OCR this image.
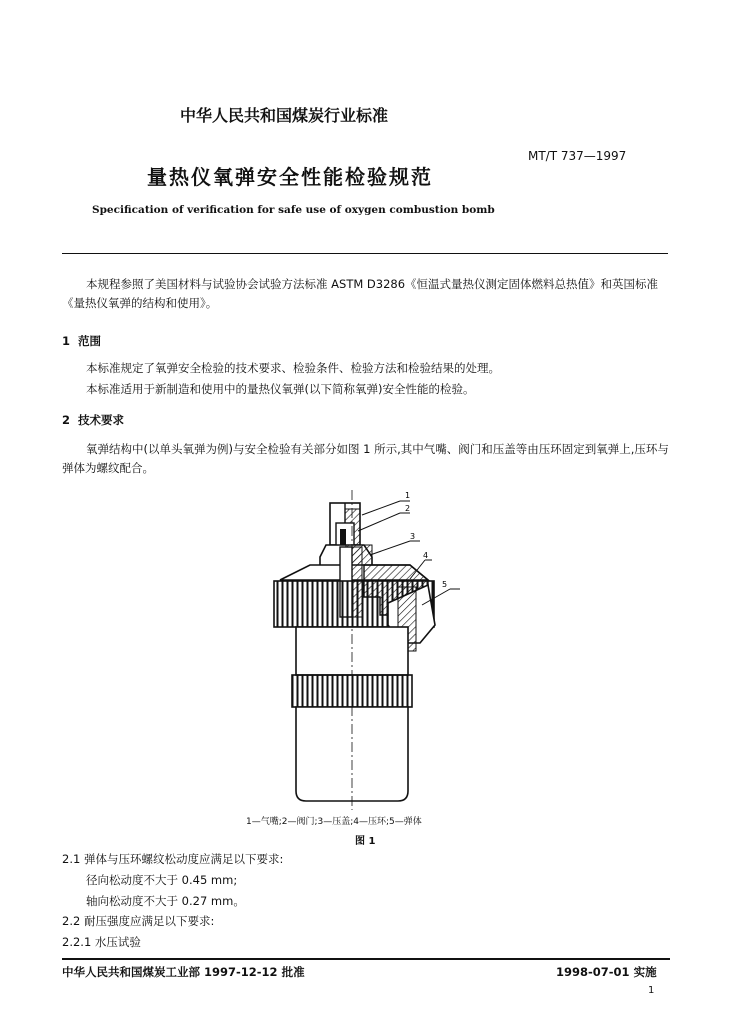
中华人民共和国煤炭行业标准
MT/T 737—1997
量热仪氧弹安全性能检验规范
Specification of verification for safe use of oxygen combustion bomb
本规程参照了美国材料与试验协会试验方法标准 ASTM D3286《恒温式量热仪测定固体燃料总热值》和英国标准《量热仪氧弹的结构和使用》。
1 范围
本标准规定了氧弹安全检验的技术要求、检验条件、检验方法和检验结果的处理。
本标准适用于新制造和使用中的量热仪氧弹(以下简称氧弹)安全性能的检验。
2 技术要求
氧弹结构中(以单头氧弹为例)与安全检验有关部分如图 1 所示,其中气嘴、阀门和压盖等由压环固定到氧弹上,压环与弹体为螺纹配合。
1
2
3
4
5
1—气嘴;2—阀门;3—压盖;4—压环;5—弹体
图 1
2.1 弹体与压环螺纹松动度应满足以下要求:
径向松动度不大于 0.45 mm;
轴向松动度不大于 0.27 mm。
2.2 耐压强度应满足以下要求:
2.2.1 水压试验
中华人民共和国煤炭工业部 1997-12-12 批准	1998-07-01 实施
1
